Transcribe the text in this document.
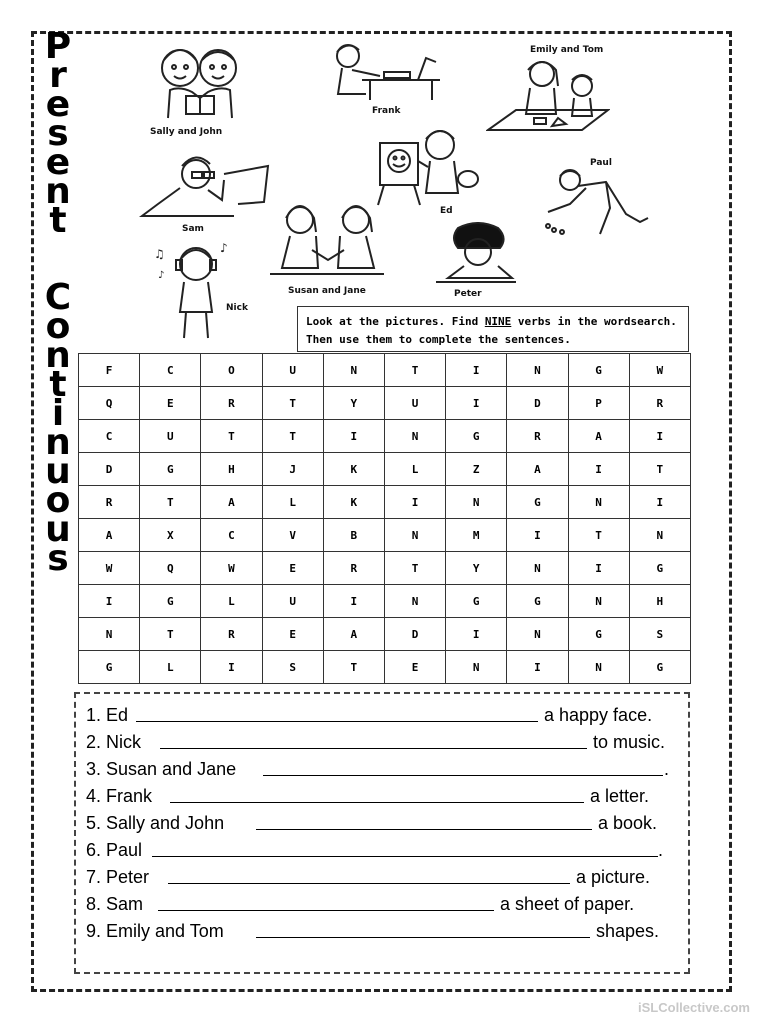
P
r
e
s
e
n
t
C
o
n
t
i
n
u
o
u
s
Sally and John
Frank
Emily and Tom
Ed
Paul
Sam
Susan and Jane
♫	♪
♪
Nick
Peter
Look at the pictures. Find NINE verbs in the wordsearch.
Then use them to complete the sentences.
F	C	O	U	N	T	I	N	G	W
Q	E	R	T	Y	U	I	D	P	R
C	U	T	T	I	N	G	R	A	I
D	G	H	J	K	L	Z	A	I	T
R	T	A	L	K	I	N	G	N	I
A	X	C	V	B	N	M	I	T	N
W	Q	W	E	R	T	Y	N	I	G
I	G	L	U	I	N	G	G	N	H
N	T	R	E	A	D	I	N	G	S
G	L	I	S	T	E	N	I	N	G
1. Ed	a happy face.
2. Nick	to music.
3. Susan and Jane	.
4. Frank	a letter.
5. Sally and John	a book.
6. Paul	.
7. Peter	a picture.
8. Sam	a sheet of paper.
9. Emily and Tom	shapes.
iSLCollective.com
